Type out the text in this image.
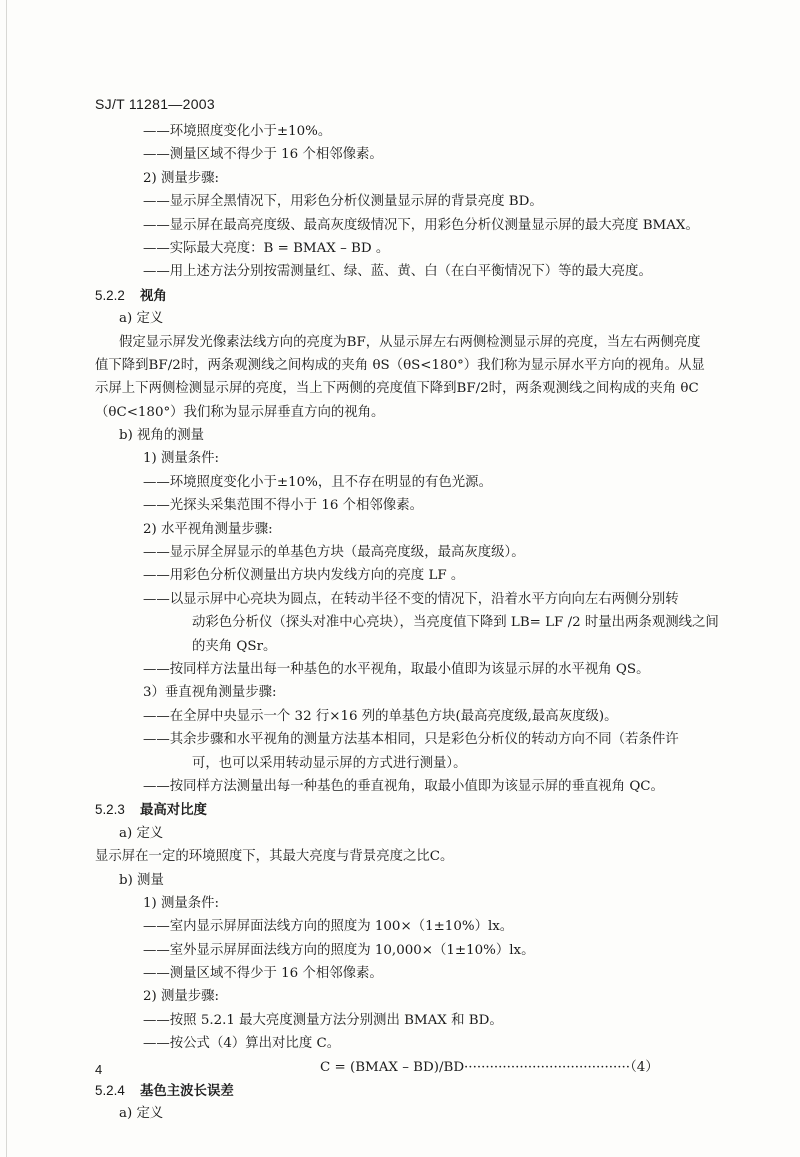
SJ/T 11281—2003
——环境照度变化小于±10%。
——测量区域不得少于 16 个相邻像素。
2) 测量步骤:
——显示屏全黑情况下，用彩色分析仪测量显示屏的背景亮度 BD。
——显示屏在最高亮度级、最高灰度级情况下，用彩色分析仪测量显示屏的最大亮度 BMAX。
——实际最大亮度：B = BMAX – BD 。
——用上述方法分别按需测量红、绿、蓝、黄、白（在白平衡情况下）等的最大亮度。
5.2.2 视角
a) 定义
假定显示屏发光像素法线方向的亮度为BF，从显示屏左右两侧检测显示屏的亮度，当左右两侧亮度
值下降到BF/2时，两条观测线之间构成的夹角 θS（θS<180°）我们称为显示屏水平方向的视角。从显
示屏上下两侧检测显示屏的亮度，当上下两侧的亮度值下降到BF/2时，两条观测线之间构成的夹角 θC
（θC<180°）我们称为显示屏垂直方向的视角。
b) 视角的测量
1) 测量条件:
——环境照度变化小于±10%，且不存在明显的有色光源。
——光探头采集范围不得小于 16 个相邻像素。
2) 水平视角测量步骤:
——显示屏全屏显示的单基色方块（最高亮度级，最高灰度级）。
——用彩色分析仪测量出方块内发线方向的亮度 LF 。
——以显示屏中心亮块为圆点，在转动半径不变的情况下，沿着水平方向向左右两侧分别转
动彩色分析仪（探头对准中心亮块），当亮度值下降到 LB= LF /2 时量出两条观测线之间
的夹角 QSr。
——按同样方法量出每一种基色的水平视角，取最小值即为该显示屏的水平视角 QS。
3）垂直视角测量步骤:
——在全屏中央显示一个 32 行×16 列的单基色方块(最高亮度级,最高灰度级)。
——其余步骤和水平视角的测量方法基本相同，只是彩色分析仪的转动方向不同（若条件许
可，也可以采用转动显示屏的方式进行测量）。
——按同样方法测量出每一种基色的垂直视角，取最小值即为该显示屏的垂直视角 QC。
5.2.3 最高对比度
a) 定义
显示屏在一定的环境照度下，其最大亮度与背景亮度之比C。
b) 测量
1) 测量条件:
——室内显示屏屏面法线方向的照度为 100×（1±10%）lx。
——室外显示屏屏面法线方向的照度为 10,000×（1±10%）lx。
——测量区域不得少于 16 个相邻像素。
2) 测量步骤:
——按照 5.2.1 最大亮度测量方法分别测出 BMAX 和 BD。
——按公式（4）算出对比度 C。
C = (BMAX – BD)/BD·······································（4）
5.2.4 基色主波长误差
a) 定义
4
